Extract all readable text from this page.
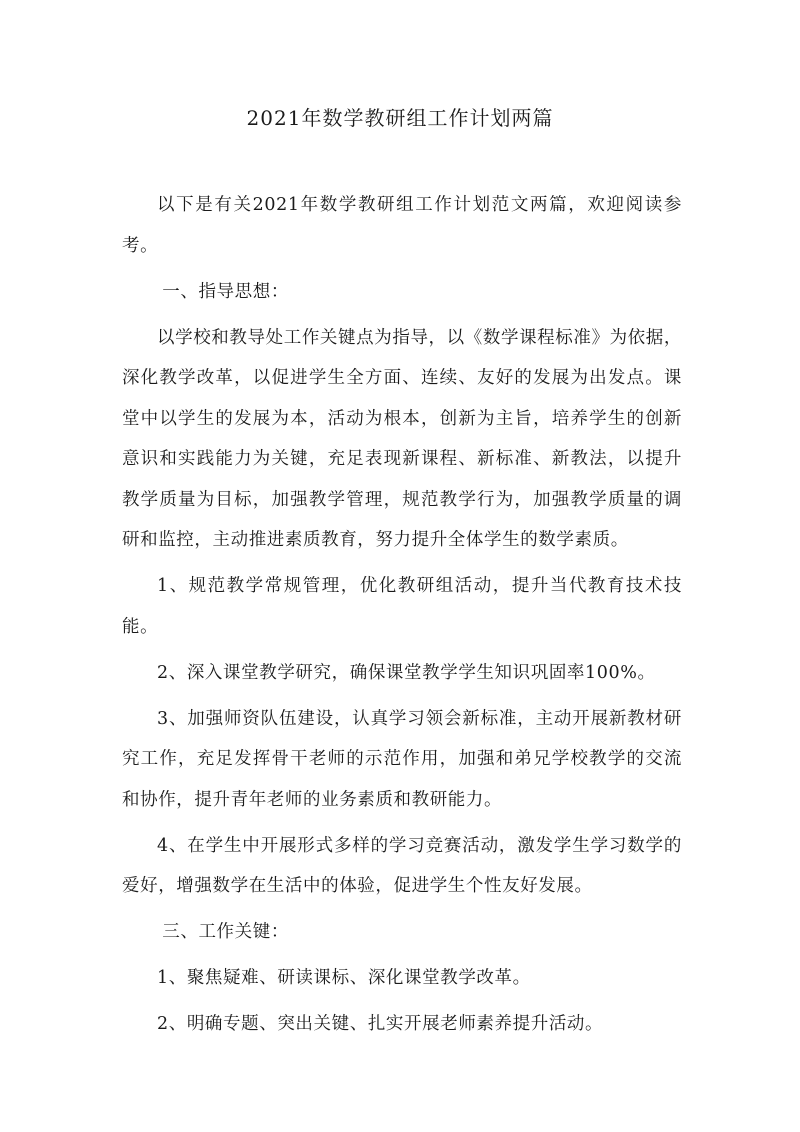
2021年数学教研组工作计划两篇

以下是有关2021年数学教研组工作计划范文两篇，欢迎阅读参考。

一、指导思想：

以学校和教导处工作关键点为指导，以《数学课程标准》为依据，深化教学改革，以促进学生全方面、连续、友好的发展为出发点。课堂中以学生的发展为本，活动为根本，创新为主旨，培养学生的创新意识和实践能力为关键，充足表现新课程、新标准、新教法，以提升教学质量为目标，加强教学管理，规范教学行为，加强教学质量的调研和监控，主动推进素质教育，努力提升全体学生的数学素质。

1、规范教学常规管理，优化教研组活动，提升当代教育技术技能。

2、深入课堂教学研究，确保课堂教学学生知识巩固率100%。

3、加强师资队伍建设，认真学习领会新标准，主动开展新教材研究工作，充足发挥骨干老师的示范作用，加强和弟兄学校教学的交流和协作，提升青年老师的业务素质和教研能力。

4、在学生中开展形式多样的学习竞赛活动，激发学生学习数学的爱好，增强数学在生活中的体验，促进学生个性友好发展。

三、工作关键：

1、聚焦疑难、研读课标、深化课堂教学改革。

2、明确专题、突出关键、扎实开展老师素养提升活动。
